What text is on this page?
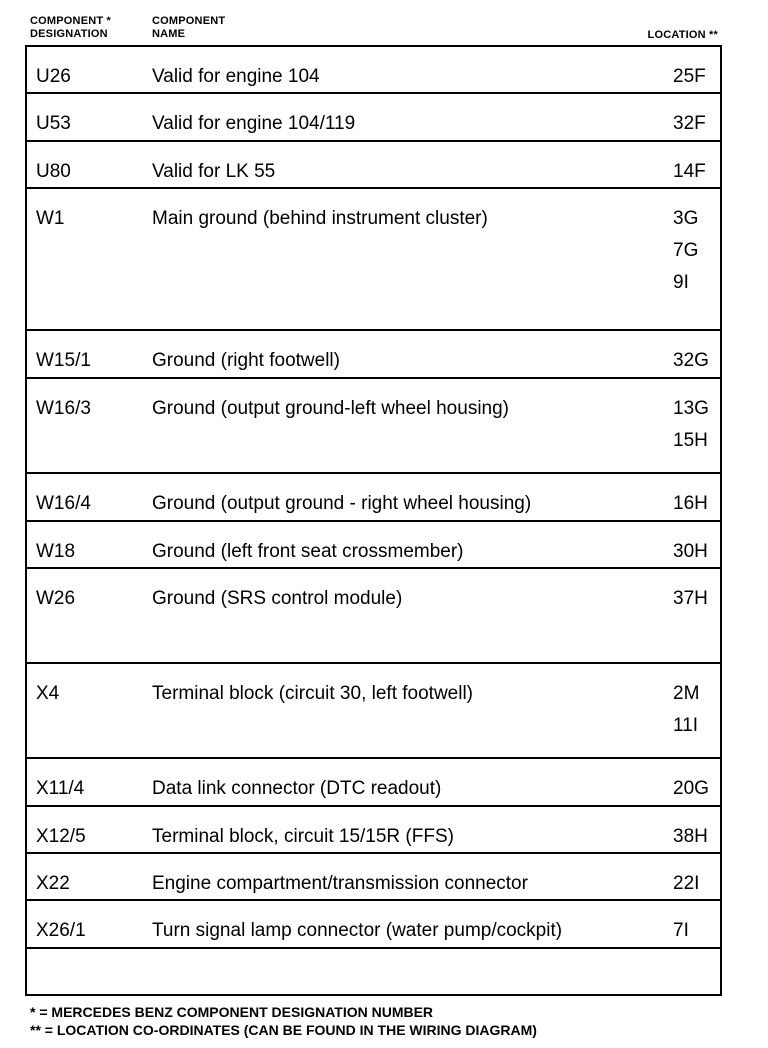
COMPONENT *
DESIGNATION
COMPONENT
NAME	LOCATION **
U26	Valid for engine 104	25F
U53	Valid for engine 104/119	32F
U80	Valid for LK 55	14F
W1	Main ground (behind instrument cluster)	3G
7G
9I
W15/1	Ground (right footwell)	32G
W16/3	Ground (output ground-left wheel housing)	13G
15H
W16/4	Ground (output ground - right wheel housing)	16H
W18	Ground (left front seat crossmember)	30H
W26	Ground (SRS control module)	37H
X4	Terminal block (circuit 30, left footwell)	2M
11I
X11/4	Data link connector (DTC readout)	20G
X12/5	Terminal block, circuit 15/15R (FFS)	38H
X22	Engine compartment/transmission connector	22I
X26/1	Turn signal lamp connector (water pump/cockpit)	7I
* = MERCEDES BENZ COMPONENT DESIGNATION NUMBER
** = LOCATION CO-ORDINATES (CAN BE FOUND IN THE WIRING DIAGRAM)
